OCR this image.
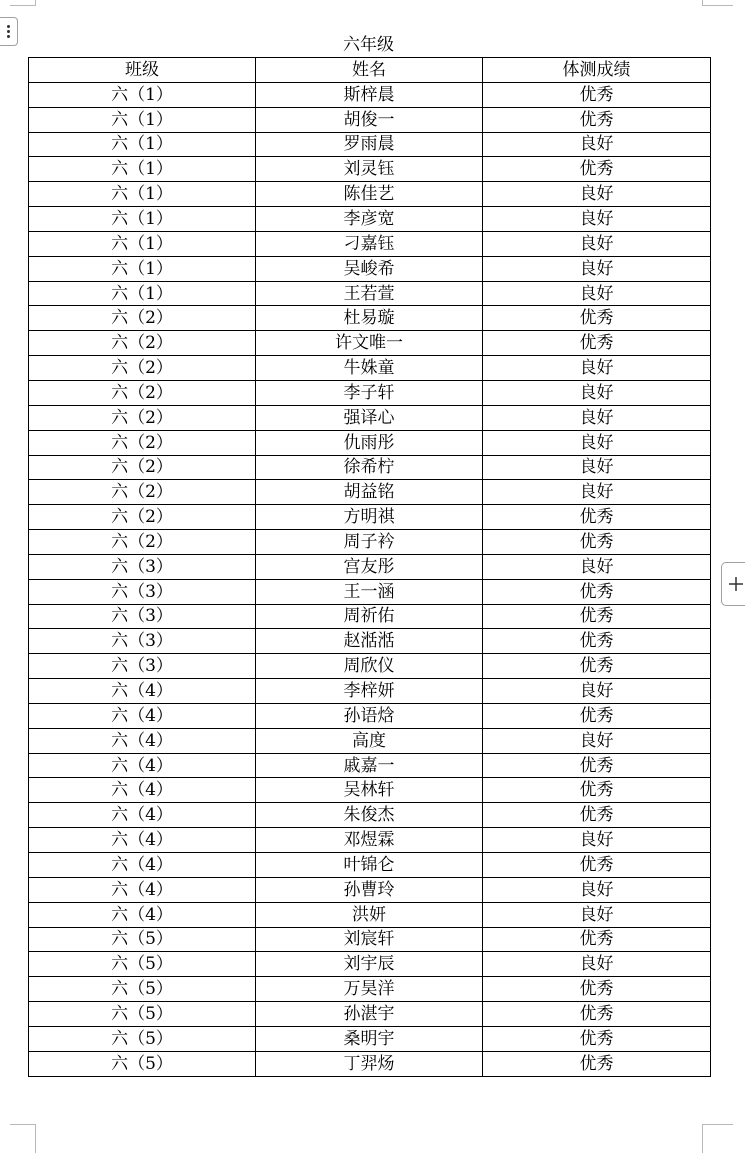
六年级
班级	姓名	体测成绩
六（1）	斯梓晨	优秀
六（1）	胡俊一	优秀
六（1）	罗雨晨	良好
六（1）	刘灵钰	优秀
六（1）	陈佳艺	良好
六（1）	李彦宽	良好
六（1）	刁嘉钰	良好
六（1）	吴峻希	良好
六（1）	王若萱	良好
六（2）	杜易璇	优秀
六（2）	许文唯一	优秀
六（2）	牛姝童	良好
六（2）	李子轩	良好
六（2）	强译心	良好
六（2）	仇雨彤	良好
六（2）	徐希柠	良好
六（2）	胡益铭	良好
六（2）	方明祺	优秀
六（2）	周子衿	优秀
六（3）	宫友彤	良好
六（3）	王一涵	优秀
六（3）	周祈佑	优秀
六（3）	赵湉湉	优秀
六（3）	周欣仪	优秀
六（4）	李梓妍	良好
六（4）	孙语焓	优秀
六（4）	高度	良好
六（4）	戚嘉一	优秀
六（4）	吴林轩	优秀
六（4）	朱俊杰	优秀
六（4）	邓煜霖	良好
六（4）	叶锦仑	优秀
六（4）	孙曹玲	良好
六（4）	洪妍	良好
六（5）	刘宸轩	优秀
六（5）	刘宇辰	良好
六（5）	万昊洋	优秀
六（5）	孙湛宇	优秀
六（5）	桑明宇	优秀
六（5）	丁羿炀	优秀
